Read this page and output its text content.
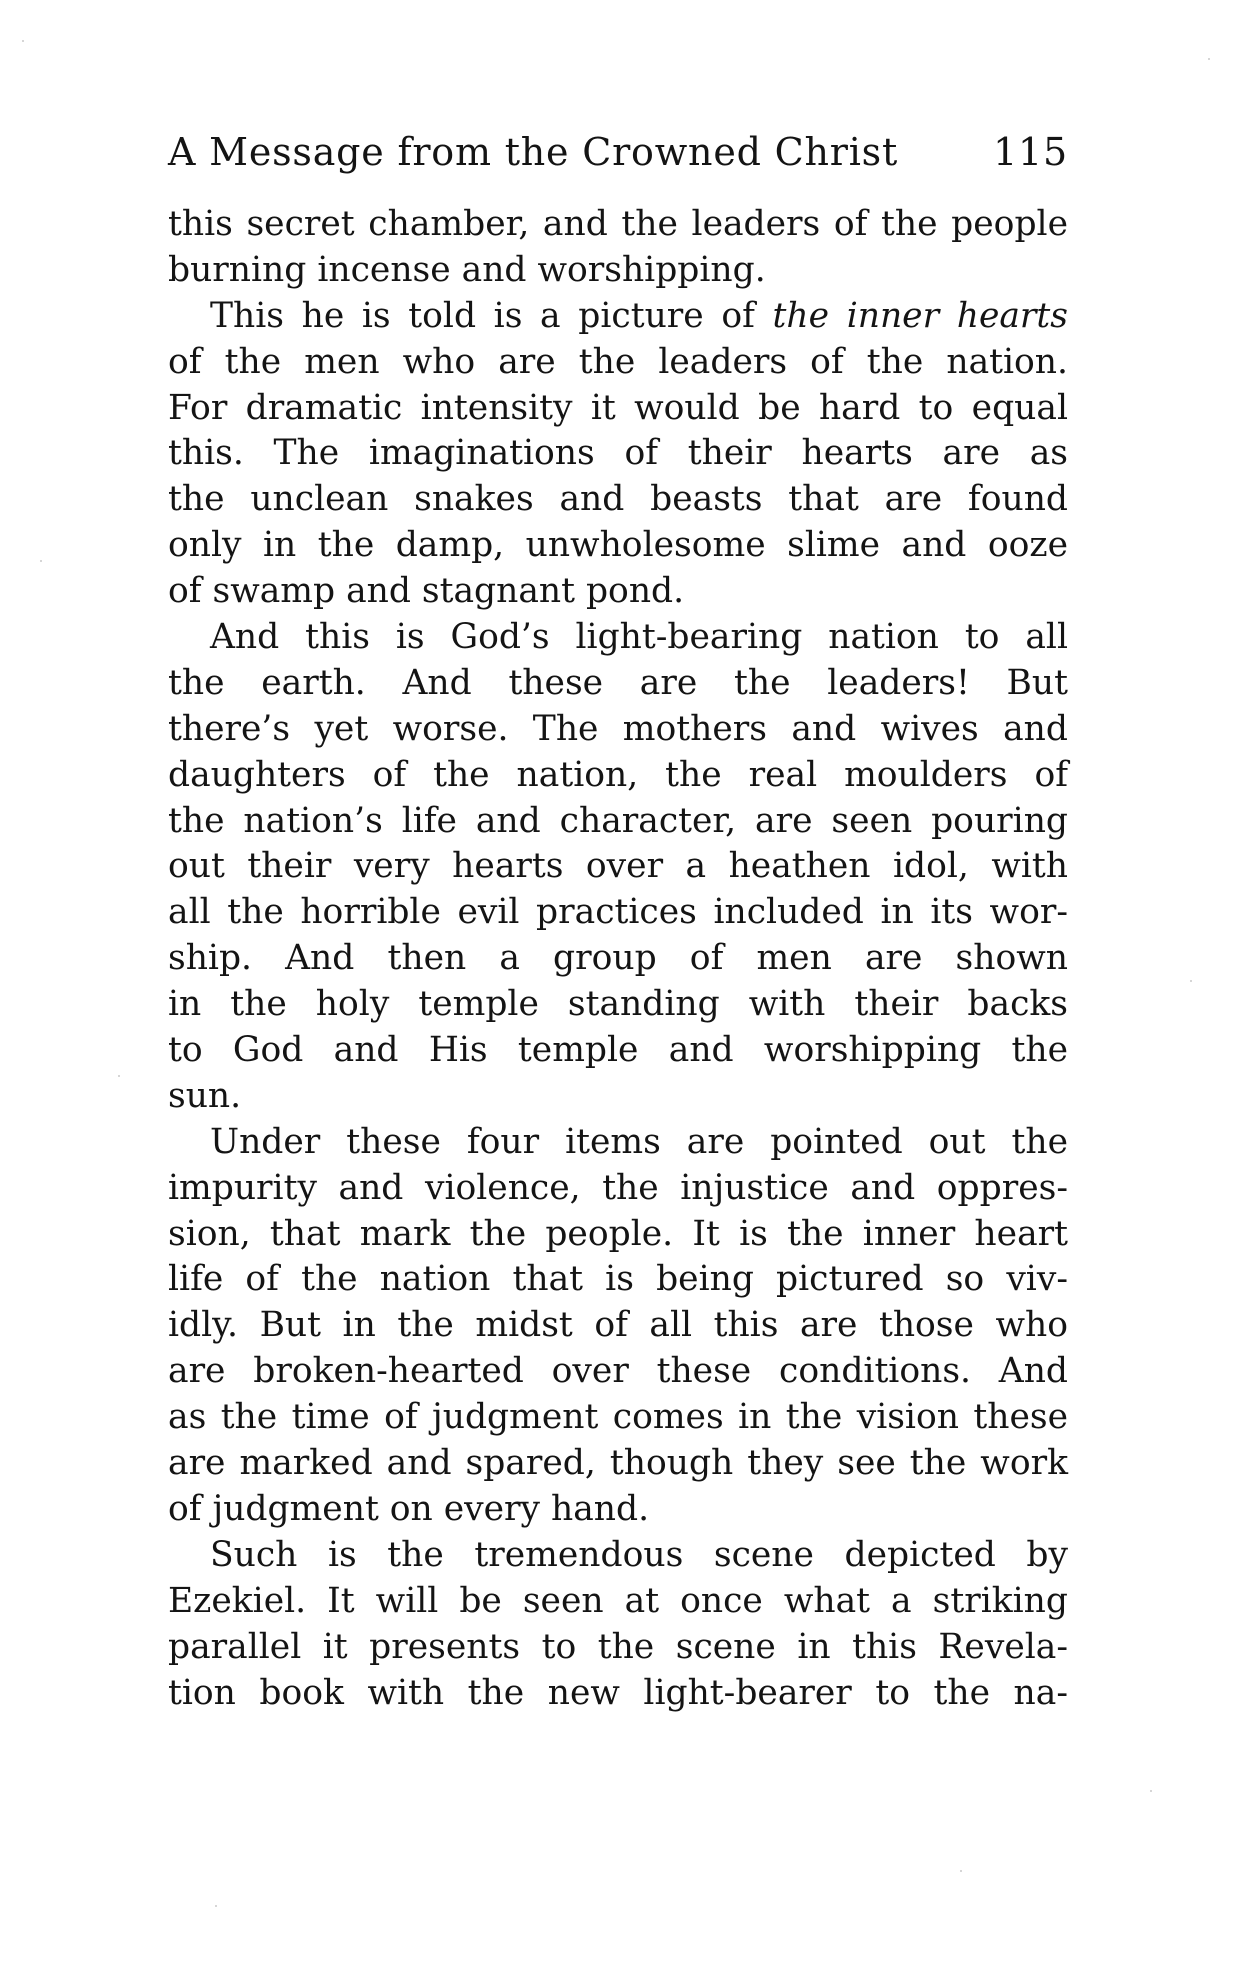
A Message from the Crowned Christ	115
this secret chamber, and the leaders of the people
burning incense and worshipping.
This he is told is a picture of the inner hearts
of the men who are the leaders of the nation.
For dramatic intensity it would be hard to equal
this. The imaginations of their hearts are as
the unclean snakes and beasts that are found
only in the damp, unwholesome slime and ooze
of swamp and stagnant pond.
And this is God’s light-bearing nation to all
the earth. And these are the leaders! But
there’s yet worse. The mothers and wives and
daughters of the nation, the real moulders of
the nation’s life and character, are seen pouring
out their very hearts over a heathen idol, with
all the horrible evil practices included in its wor-
ship. And then a group of men are shown
in the holy temple standing with their backs
to God and His temple and worshipping the
sun.
Under these four items are pointed out the
impurity and violence, the injustice and oppres-
sion, that mark the people. It is the inner heart
life of the nation that is being pictured so viv-
idly. But in the midst of all this are those who
are broken-hearted over these conditions. And
as the time of judgment comes in the vision these
are marked and spared, though they see the work
of judgment on every hand.
Such is the tremendous scene depicted by
Ezekiel. It will be seen at once what a striking
parallel it presents to the scene in this Revela-
tion book with the new light-bearer to the na-
